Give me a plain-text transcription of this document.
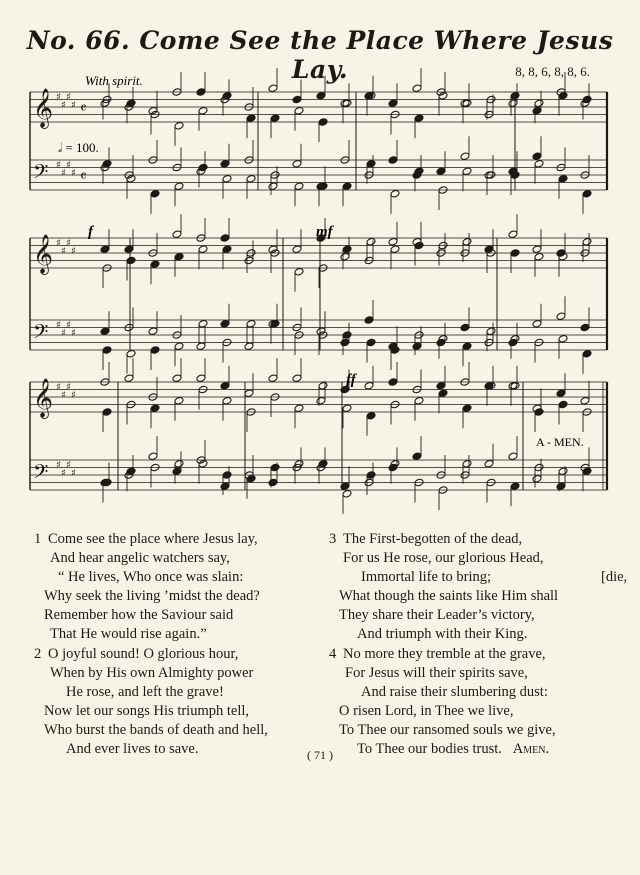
No. 66. Come See the Place Where Jesus Lay.	8, 8, 6, 8, 8, 6.
𝄞 ♯
♯
♯
♯ 𝄴
𝄢 ♯
♯
♯
♯ 𝄴
𝄞 ♯
♯
♯
♯
𝄢 ♯
♯
♯
♯
𝄞 ♯
♯
♯
♯
𝄢 ♯
♯
♯
♯
With spirit.
𝅗𝅥 = 100.
f	mf
ff
A - MEN.
1 Come see the place where Jesus lay,
And hear angelic watchers say,
“ He lives, Who once was slain:
Why seek the living ’midst the dead?
Remember how the Saviour said
That He would rise again.”
2 O joyful sound! O glorious hour,
When by His own Almighty power
He rose, and left the grave!
Now let our songs His triumph tell,
Who burst the bands of death and hell,
And ever lives to save.
3 The First-begotten of the dead,
For us He rose, our glorious Head,
Immortal life to bring;
What though the saints like Him shall
They share their Leader’s victory,
And triumph with their King.
[die,
4 No more they tremble at the grave,
For Jesus will their spirits save,
And raise their slumbering dust:
O risen Lord, in Thee we live,
To Thee our ransomed souls we give,
To Thee our bodies trust. Amen.
( 71 )
